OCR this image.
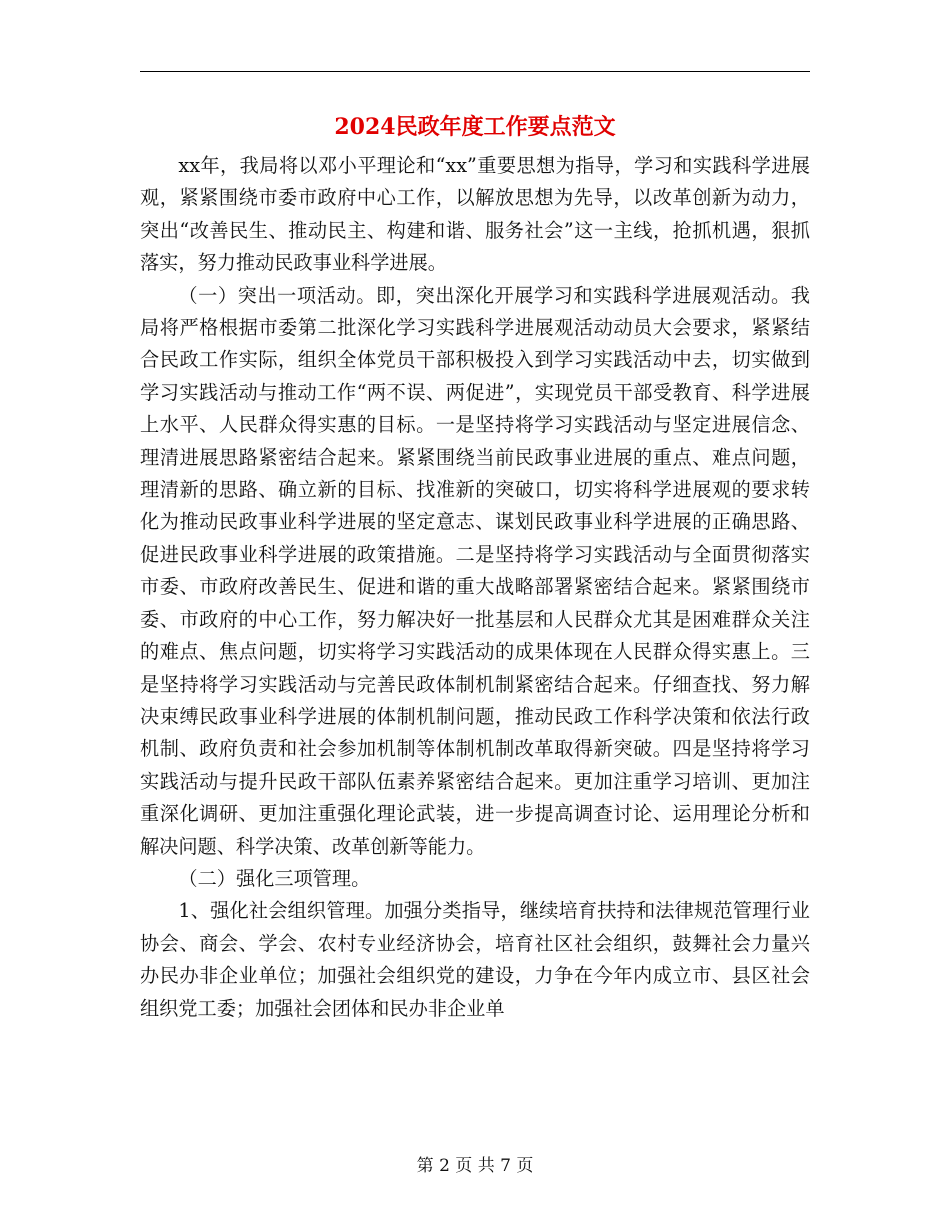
2024民政年度工作要点范文

xx年，我局将以邓小平理论和“xx”重要思想为指导，学习和实践科学进展观，紧紧围绕市委市政府中心工作，以解放思想为先导，以改革创新为动力，突出“改善民生、推动民主、构建和谐、服务社会”这一主线，抢抓机遇，狠抓落实，努力推动民政事业科学进展。

（一）突出一项活动。即，突出深化开展学习和实践科学进展观活动。我局将严格根据市委第二批深化学习实践科学进展观活动动员大会要求，紧紧结合民政工作实际，组织全体党员干部积极投入到学习实践活动中去，切实做到学习实践活动与推动工作“两不误、两促进”，实现党员干部受教育、科学进展上水平、人民群众得实惠的目标。一是坚持将学习实践活动与坚定进展信念、理清进展思路紧密结合起来。紧紧围绕当前民政事业进展的重点、难点问题，理清新的思路、确立新的目标、找准新的突破口，切实将科学进展观的要求转化为推动民政事业科学进展的坚定意志、谋划民政事业科学进展的正确思路、促进民政事业科学进展的政策措施。二是坚持将学习实践活动与全面贯彻落实市委、市政府改善民生、促进和谐的重大战略部署紧密结合起来。紧紧围绕市委、市政府的中心工作，努力解决好一批基层和人民群众尤其是困难群众关注的难点、焦点问题，切实将学习实践活动的成果体现在人民群众得实惠上。三是坚持将学习实践活动与完善民政体制机制紧密结合起来。仔细查找、努力解决束缚民政事业科学进展的体制机制问题，推动民政工作科学决策和依法行政机制、政府负责和社会参加机制等体制机制改革取得新突破。四是坚持将学习实践活动与提升民政干部队伍素养紧密结合起来。更加注重学习培训、更加注重深化调研、更加注重强化理论武装，进一步提高调查讨论、运用理论分析和解决问题、科学决策、改革创新等能力。

（二）强化三项管理。

1、强化社会组织管理。加强分类指导，继续培育扶持和法律规范管理行业协会、商会、学会、农村专业经济协会，培育社区社会组织，鼓舞社会力量兴办民办非企业单位；加强社会组织党的建设，力争在今年内成立市、县区社会组织党工委；加强社会团体和民办非企业单

第 2 页 共 7 页
